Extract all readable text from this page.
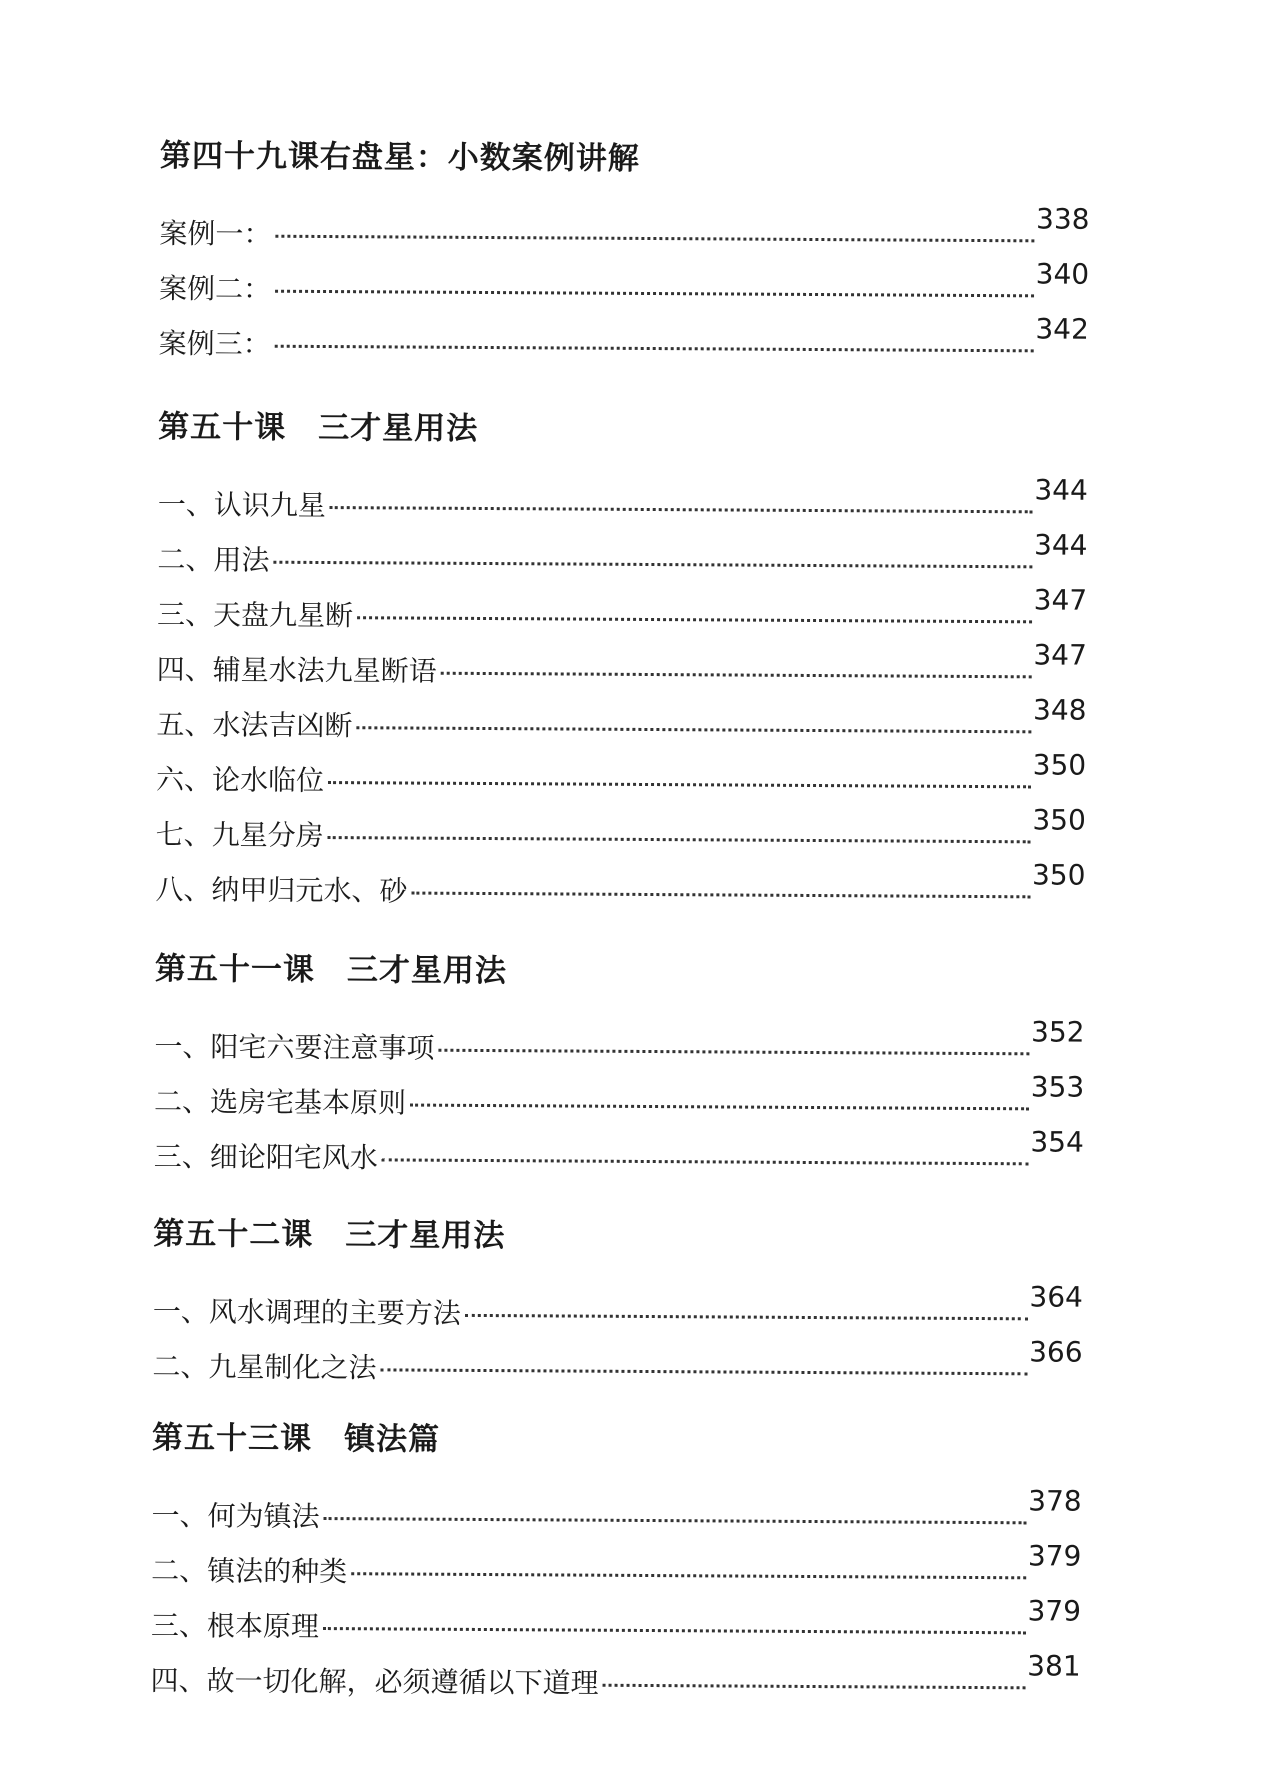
第四十九课右盘星：小数案例讲解
案例一：	338
案例二：	340
案例三：	342
第五十课　三才星用法
一、认识九星	344
二、用法	344
三、天盘九星断	347
四、辅星水法九星断语	347
五、水法吉凶断	348
六、论水临位	350
七、九星分房	350
八、纳甲归元水、砂	350
第五十一课　三才星用法
一、阳宅六要注意事项	352
二、选房宅基本原则	353
三、细论阳宅风水	354
第五十二课　三才星用法
一、风水调理的主要方法	364
二、九星制化之法	366
第五十三课　镇法篇
一、何为镇法	378
二、镇法的种类	379
三、根本原理	379
四、故一切化解，必须遵循以下道理	381
